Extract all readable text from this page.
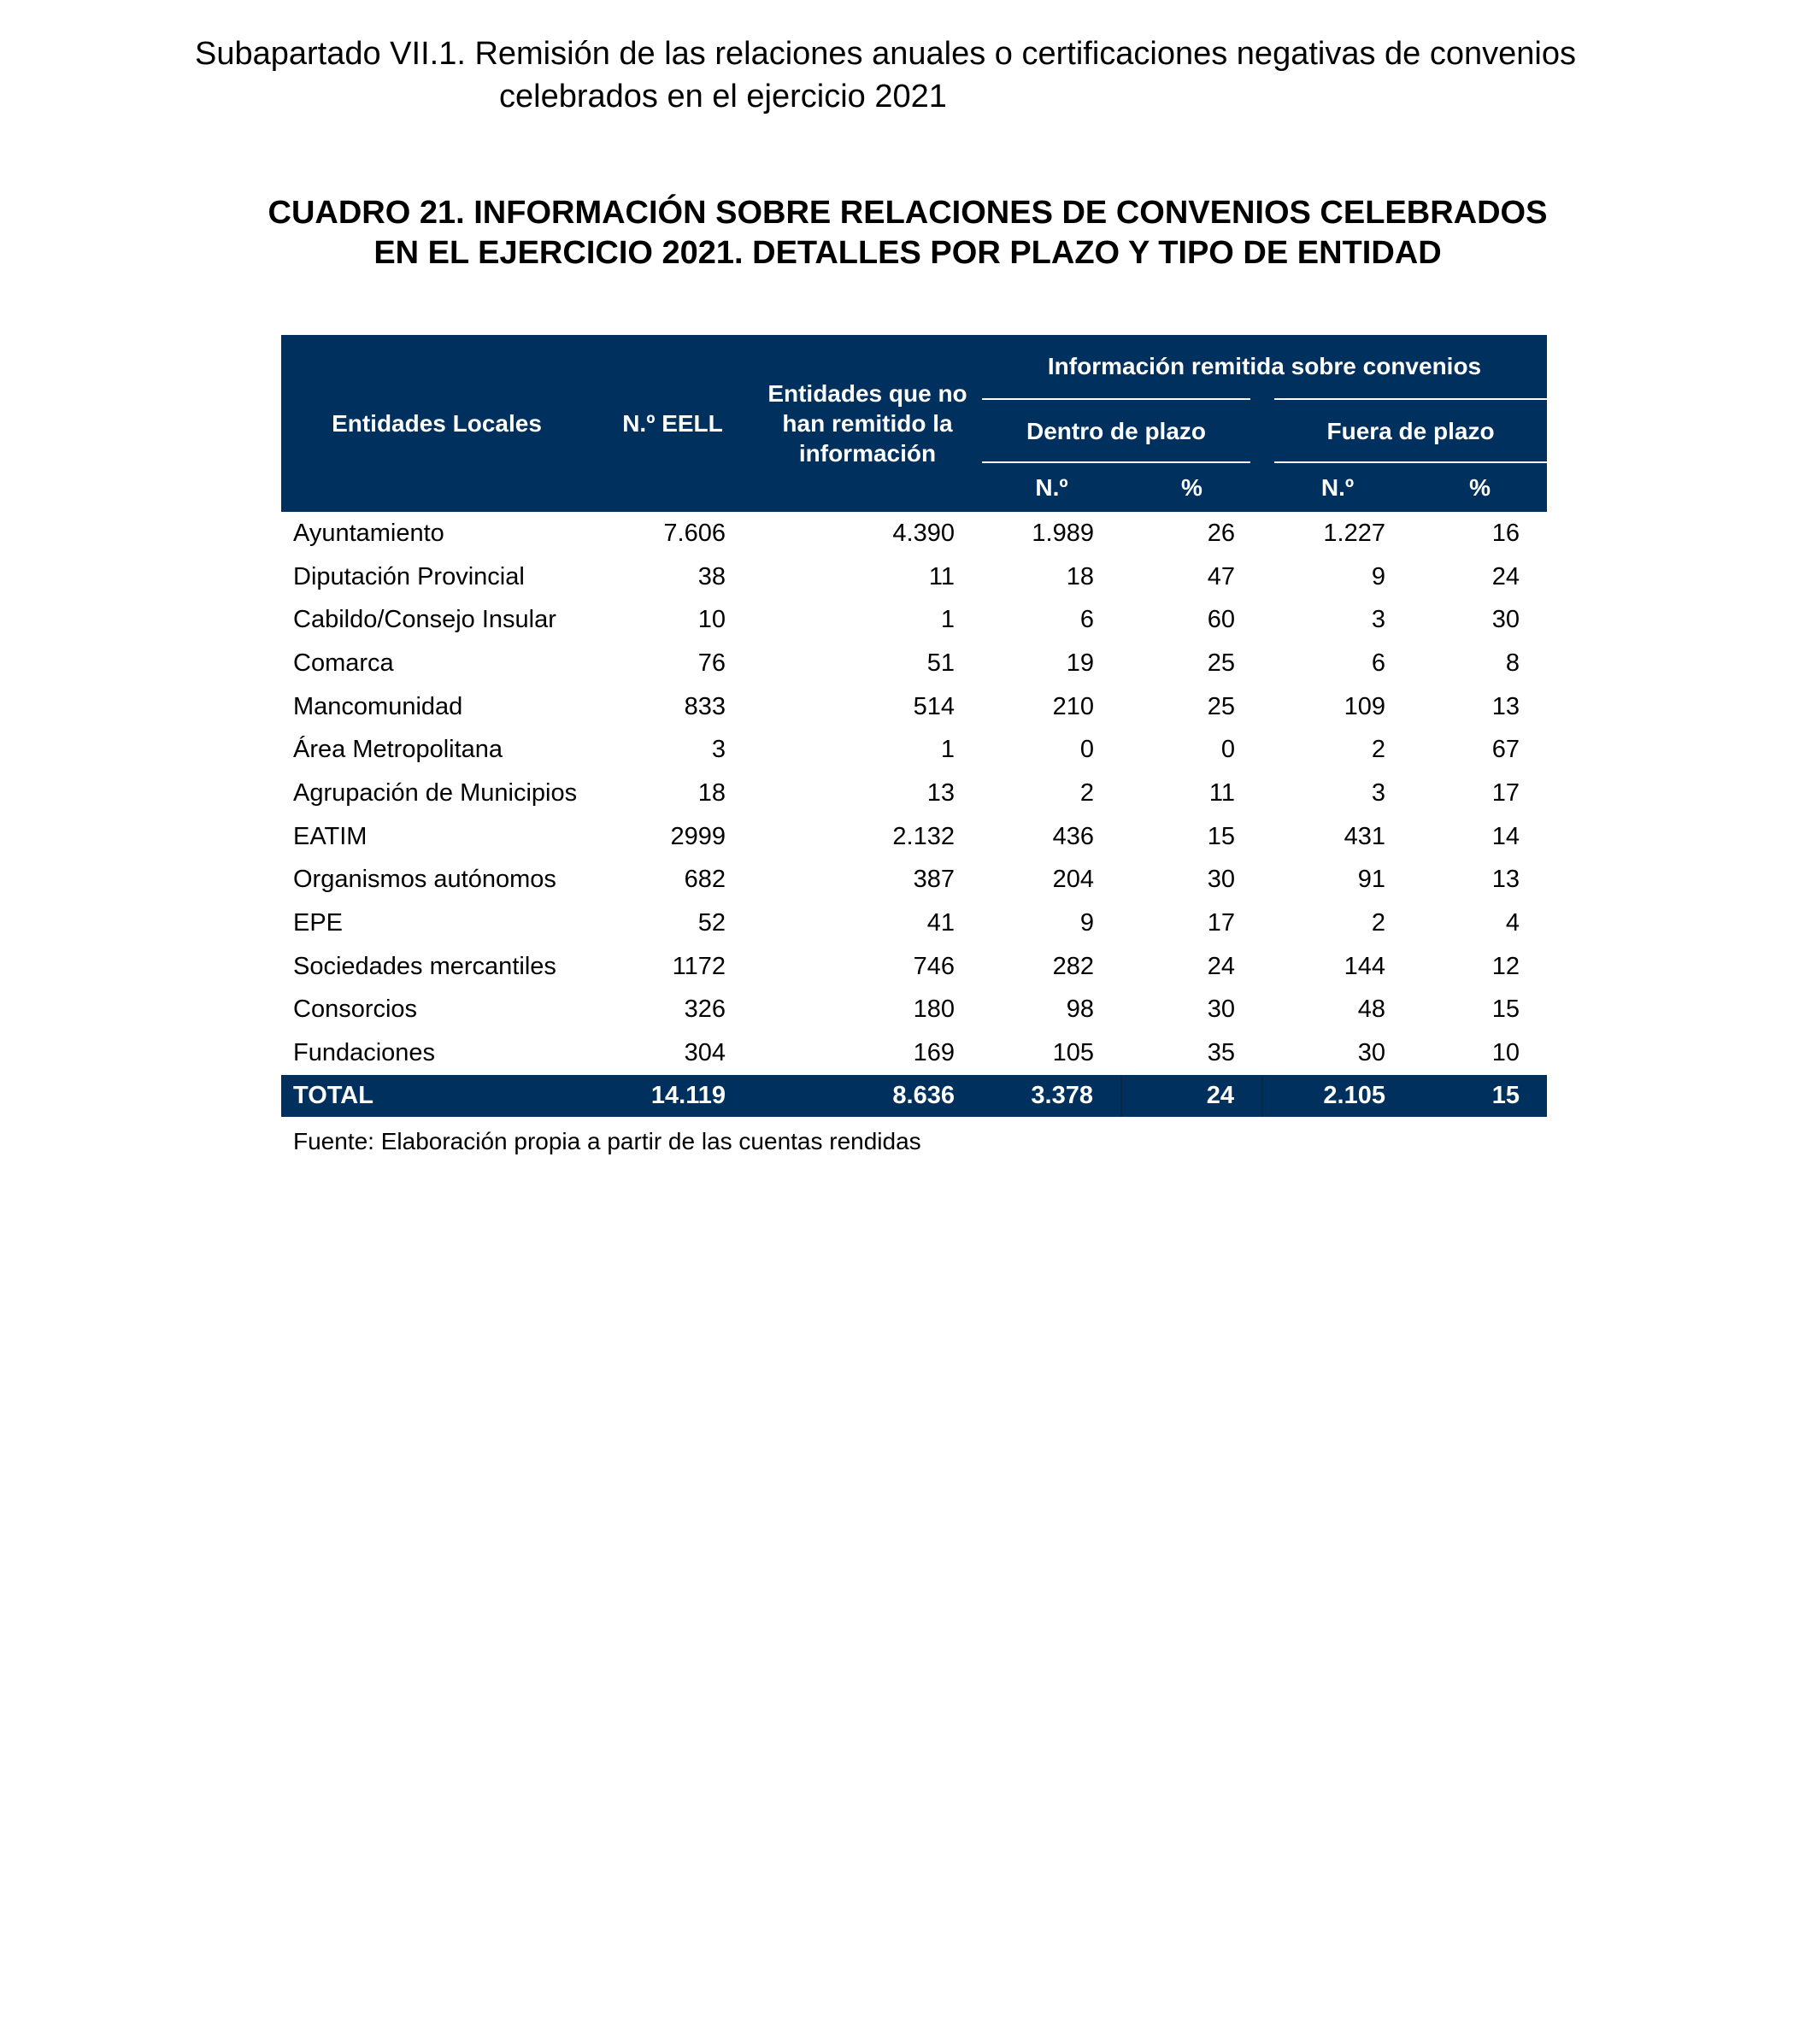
Subapartado VII.1. Remisión de las relaciones anuales o certificaciones negativas de convenios
celebrados en el ejercicio 2021
CUADRO 21. INFORMACIÓN SOBRE RELACIONES DE CONVENIOS CELEBRADOS EN EL EJERCICIO 2021. DETALLES POR PLAZO Y TIPO DE ENTIDAD
Entidades Locales	N.º EELL	Entidades que no han remitido la información	Información remitida sobre convenios			
			Dentro de plazo		Fuera de plazo	
			N.º	%	N.º	%
Ayuntamiento	7.606	4.390	1.989	26	1.227	16
Diputación Provincial	38	11	18	47	9	24
Cabildo/Consejo Insular	10	1	6	60	3	30
Comarca	76	51	19	25	6	8
Mancomunidad	833	514	210	25	109	13
Área Metropolitana	3	1	0	0	2	67
Agrupación de Municipios	18	13	2	11	3	17
EATIM	2999	2.132	436	15	431	14
Organismos autónomos	682	387	204	30	91	13
EPE	52	41	9	17	2	4
Sociedades mercantiles	1172	746	282	24	144	12
Consorcios	326	180	98	30	48	15
Fundaciones	304	169	105	35	30	10
TOTAL	14.119	8.636	3.378	24	2.105	15
Fuente: Elaboración propia a partir de las cuentas rendidas
